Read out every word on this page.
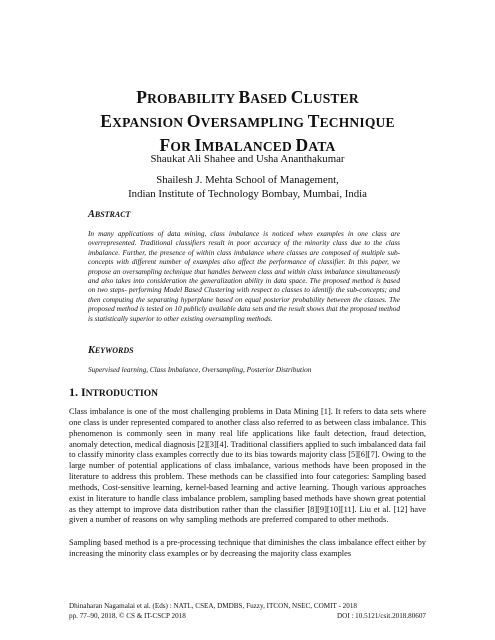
PROBABILITY BASED CLUSTER
EXPANSION OVERSAMPLING TECHNIQUE
FOR IMBALANCED DATA
Shaukat Ali Shahee and Usha Ananthakumar
Shailesh J. Mehta School of Management,
Indian Institute of Technology Bombay, Mumbai, India
ABSTRACT
In many applications of data mining, class imbalance is noticed when examples in one class are overrepresented. Traditional classifiers result in poor accuracy of the minority class due to the class imbalance. Further, the presence of within class imbalance where classes are composed of multiple sub-concepts with different number of examples also affect the performance of classifier. In this paper, we propose an oversampling technique that handles between class and within class imbalance simultaneously and also takes into consideration the generalization ability in data space. The proposed method is based on two steps- performing Model Based Clustering with respect to classes to identify the sub-concepts; and then computing the separating hyperplane based on equal posterior probability between the classes. The proposed method is tested on 10 publicly available data sets and the result shows that the proposed method is statistically superior to other existing oversampling methods.
KEYWORDS
Supervised learning, Class Imbalance, Oversampling, Posterior Distribution
1. INTRODUCTION
Class imbalance is one of the most challenging problems in Data Mining [1]. It refers to data sets where one class is under represented compared to another class also referred to as between class imbalance. This phenomenon is commonly seen in many real life applications like fault detection, fraud detection, anomaly detection, medical diagnosis [2][3][4]. Traditional classifiers applied to such imbalanced data fail to classify minority class examples correctly due to its bias towards majority class [5][6][7]. Owing to the large number of potential applications of class imbalance, various methods have been proposed in the literature to address this problem. These methods can be classified into four categories: Sampling based methods, Cost-sensitive learning, kernel-based learning and active learning. Though various approaches exist in literature to handle class imbalance problem, sampling based methods have shown great potential as they attempt to improve data distribution rather than the classifier [8][9][10][11]. Liu et al. [12] have given a number of reasons on why sampling methods are preferred compared to other methods.
Sampling based method is a pre-processing technique that diminishes the class imbalance effect either by increasing the minority class examples or by decreasing the majority class examples
Dhinaharan Nagamalai et al. (Eds) : NATL, CSEA, DMDBS, Fuzzy, ITCON, NSEC, COMIT - 2018
pp. 77–90, 2018. © CS & IT-CSCP 2018	DOI : 10.5121/csit.2018.80607
